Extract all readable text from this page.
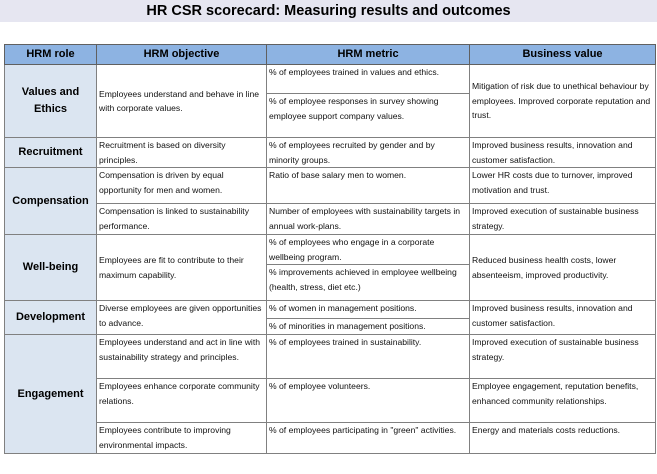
HR CSR scorecard: Measuring results and outcomes
HRM role	HRM objective	HRM metric	Business value
Values and Ethics	Employees understand and behave in line with corporate values.	% of employees trained in values and ethics.	Mitigation of risk due to unethical behaviour by employees. Improved corporate reputation and trust.
		% of employee responses in survey showing employee support company values.	
Recruitment	Recruitment is based on diversity principles.	% of employees recruited by gender and by minority groups.	Improved business results, innovation and customer satisfaction.
Compensation	Compensation is driven by equal opportunity for men and women.	Ratio of base salary men to women.	Lower HR costs due to turnover, improved motivation and trust.
	Compensation is linked to sustainability performance.	Number of employees with sustainability targets in annual work-plans.	Improved execution of sustainable business strategy.
Well-being	Employees are fit to contribute to their maximum capability.	% of employees who engage in a corporate wellbeing program.	Reduced business health costs, lower absenteeism, improved productivity.
		% improvements achieved in employee wellbeing (health, stress, diet etc.)	
Development	Diverse employees are given opportunities to advance.	% of women in management positions.	Improved business results, innovation and customer satisfaction.
		% of minorities in management positions.	
Engagement	Employees understand and act in line with sustainability strategy and principles.	% of employees trained in sustainability.	Improved execution of sustainable business strategy.
	Employees enhance corporate community relations.	% of employee volunteers.	Employee engagement, reputation benefits, enhanced community relationships.
	Employees contribute to improving environmental impacts.	% of employees participating in "green" activities.	Energy and materials costs reductions.
